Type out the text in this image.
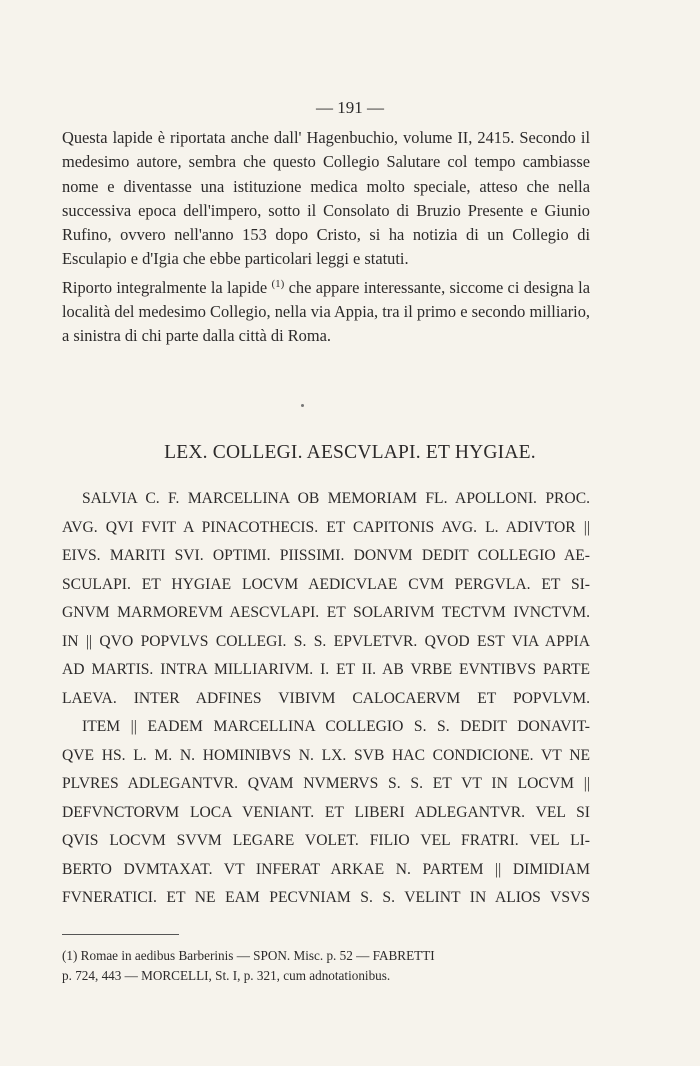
— 191 —

Questa lapide è riportata anche dall' Hagenbuchio, volume II, 2415. Secondo il medesimo autore, sembra che questo Collegio Salutare col tempo cambiasse nome e diventasse una istituzione medica molto speciale, atteso che nella successiva epoca dell'impero, sotto il Consolato di Bruzio Presente e Giunio Rufino, ovvero nell'anno 153 dopo Cristo, si ha notizia di un Collegio di Esculapio e d'Igia che ebbe particolari leggi e statuti.

Riporto integralmente la lapide $^{(1)}$ che appare interessante, siccome ci designa la località del medesimo Collegio, nella via Appia, tra il primo e secondo milliario, a sinistra di chi parte dalla città di Roma.

LEX. COLLEGI. AESCVLAPI. ET HYGIAE.
SALVIA C. F. MARCELLINA OB MEMORIAM FL. APOLLONI. PROC.
AVG. QVI FVIT A PINACOTHECIS. ET CAPITONIS AVG. L. ADIVTOR ||
EIVS. MARITI SVI. OPTIMI. PIISSIMI. DONVM DEDIT COLLEGIO AE-
SCULAPI. ET HYGIAE LOCVM AEDICVLAE CVM PERGVLA. ET SI-
GNVM MARMOREVM AESCVLAPI. ET SOLARIVM TECTVM IVNCTVM.
IN || QVO POPVLVS COLLEGI. S. S. EPVLETVR. QVOD EST VIA APPIA
AD MARTIS. INTRA MILLIARIVM. I. ET II. AB VRBE EVNTIBVS PARTE
LAEVA. INTER ADFINES VIBIVM CALOCAERVM ET POPVLVM.
ITEM || EADEM MARCELLINA COLLEGIO S. S. DEDIT DONAVIT-
QVE HS. L. M. N. HOMINIBVS N. LX. SVB HAC CONDICIONE. VT NE
PLVRES ADLEGANTVR. QVAM NVMERVS S. S. ET VT IN LOCVM ||
DEFVNCTORVM LOCA VENIANT. ET LIBERI ADLEGANTVR. VEL SI
QVIS LOCVM SVVM LEGARE VOLET. FILIO VEL FRATRI. VEL LI-
BERTO DVMTAXAT. VT INFERAT ARKAE N. PARTEM || DIMIDIAM
FVNERATICI. ET NE EAM PECVNIAM S. S. VELINT IN ALIOS VSVS
(1) Romae in aedibus Barberinis — SPON. Misc. p. 52 — FABRETTI
p. 724, 443 — MORCELLI, St. I, p. 321, cum adnotationibus.
